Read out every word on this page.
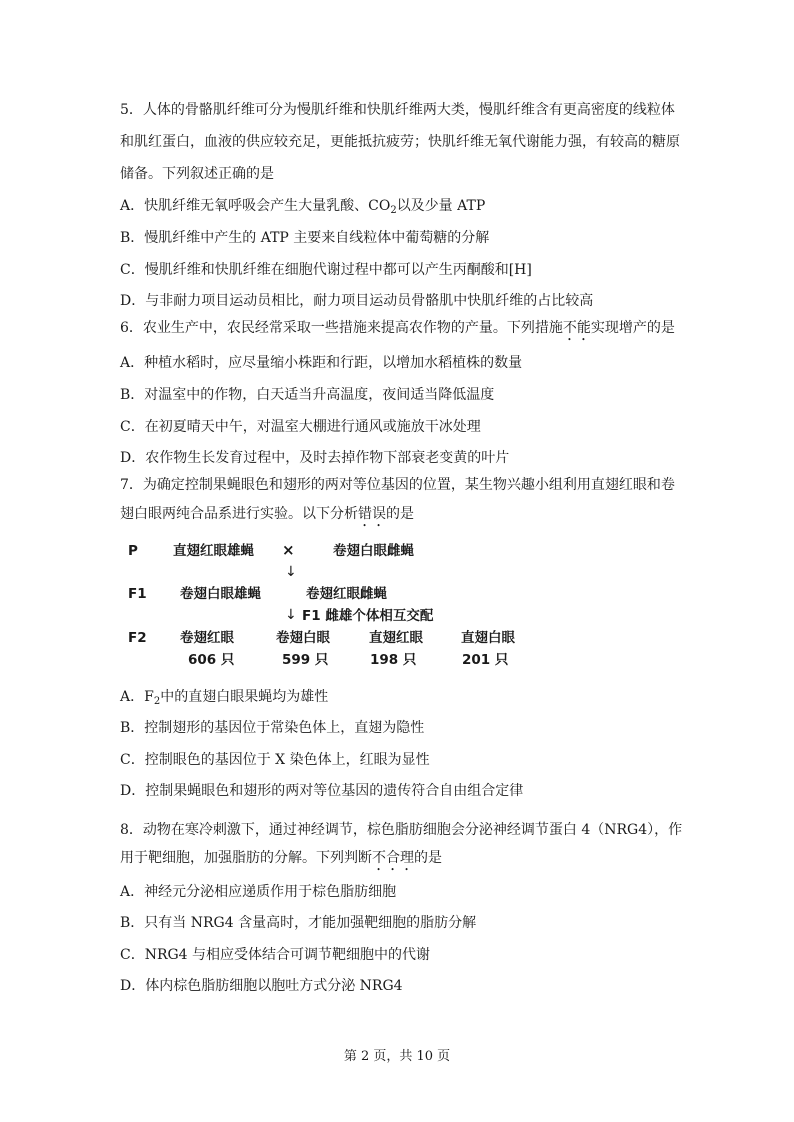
5．人体的骨骼肌纤维可分为慢肌纤维和快肌纤维两大类，慢肌纤维含有更高密度的线粒体
和肌红蛋白，血液的供应较充足，更能抵抗疲劳；快肌纤维无氧代谢能力强，有较高的糖原
储备。下列叙述正确的是
A．快肌纤维无氧呼吸会产生大量乳酸、$CO_2$以及少量 ATP
B．慢肌纤维中产生的 ATP 主要来自线粒体中葡萄糖的分解
C．慢肌纤维和快肌纤维在细胞代谢过程中都可以产生丙酮酸和[H]
D．与非耐力项目运动员相比，耐力项目运动员骨骼肌中快肌纤维的占比较高
6．农业生产中，农民经常采取一些措施来提高农作物的产量。下列措施不能实现增产的是
A．种植水稻时，应尽量缩小株距和行距，以增加水稻植株的数量
B．对温室中的作物，白天适当升高温度，夜间适当降低温度
C．在初夏晴天中午，对温室大棚进行通风或施放干冰处理
D．农作物生长发育过程中，及时去掉作物下部衰老变黄的叶片
7．为确定控制果蝇眼色和翅形的两对等位基因的位置，某生物兴趣小组利用直翅红眼和卷
翅白眼两纯合品系进行实验。以下分析错误的是
P	直翅红眼雄蝇 ×	卷翅白眼雌蝇
↓
F1 卷翅白眼雄蝇	卷翅红眼雌蝇
↓ F1 雌雄个体相互交配
F2 卷翅红眼	卷翅白眼	直翅红眼	直翅白眼
606 只	599 只	198 只	201 只
A．$F_2$中的直翅白眼果蝇均为雄性
B．控制翅形的基因位于常染色体上，直翅为隐性
C．控制眼色的基因位于 X 染色体上，红眼为显性
D．控制果蝇眼色和翅形的两对等位基因的遗传符合自由组合定律
8．动物在寒冷刺激下，通过神经调节，棕色脂肪细胞会分泌神经调节蛋白 4（NRG4），作
用于靶细胞，加强脂肪的分解。下列判断不合理的是
A．神经元分泌相应递质作用于棕色脂肪细胞
B．只有当 NRG4 含量高时，才能加强靶细胞的脂肪分解
C．NRG4 与相应受体结合可调节靶细胞中的代谢
D．体内棕色脂肪细胞以胞吐方式分泌 NRG4
第 2 页，共 10 页
